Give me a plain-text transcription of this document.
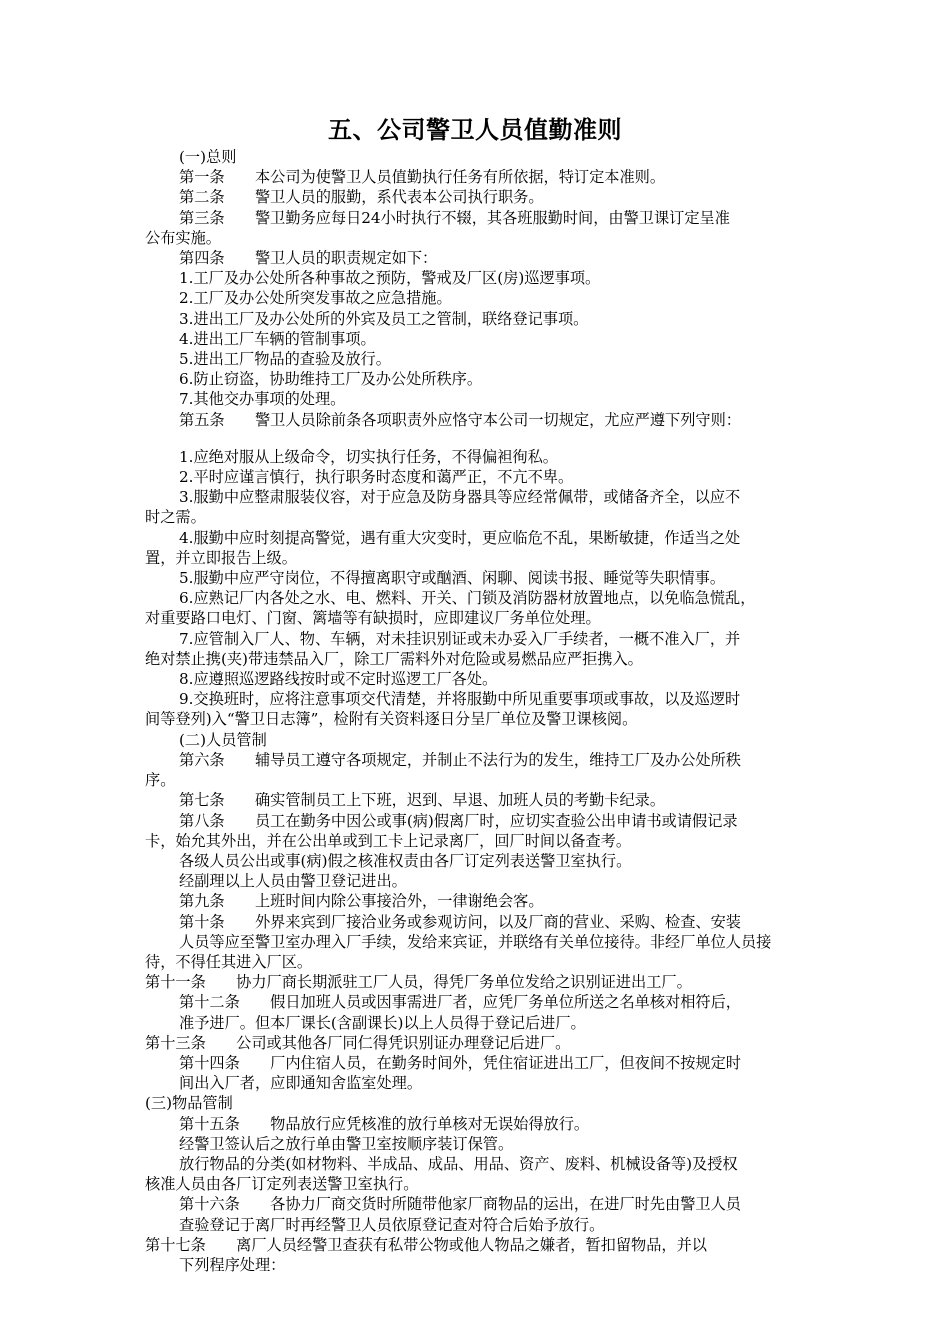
五、公司警卫人员值勤准则

(一)总则

第一条　　本公司为使警卫人员值勤执行任务有所依据，特订定本准则。

第二条　　警卫人员的服勤，系代表本公司执行职务。

第三条　　警卫勤务应每日24小时执行不辍，其各班服勤时间，由警卫课订定呈准

公布实施。

第四条　　警卫人员的职责规定如下：

1.工厂及办公处所各种事故之预防，警戒及厂区(房)巡逻事项。

2.工厂及办公处所突发事故之应急措施。

3.进出工厂及办公处所的外宾及员工之管制，联络登记事项。

4.进出工厂车辆的管制事项。

5.进出工厂物品的查验及放行。

6.防止窃盗，协助维持工厂及办公处所秩序。

7.其他交办事项的处理。

第五条　　警卫人员除前条各项职责外应恪守本公司一切规定，尤应严遵下列守则：

1.应绝对服从上级命令，切实执行任务，不得偏袒徇私。

2.平时应谨言慎行，执行职务时态度和蔼严正，不亢不卑。

3.服勤中应整肃服装仪容，对于应急及防身器具等应经常佩带，或储备齐全，以应不

时之需。

4.服勤中应时刻提高警觉，遇有重大灾变时，更应临危不乱，果断敏捷，作适当之处

置，并立即报告上级。

5.服勤中应严守岗位，不得擅离职守或酗酒、闲聊、阅读书报、睡觉等失职情事。

6.应熟记厂内各处之水、电、燃料、开关、门锁及消防器材放置地点，以免临急慌乱，

对重要路口电灯、门窗、篱墙等有缺损时，应即建议厂务单位处理。

7.应管制入厂人、物、车辆，对未挂识别证或未办妥入厂手续者，一概不准入厂，并

绝对禁止携(夹)带违禁品入厂，除工厂需料外对危险或易燃品应严拒携入。

8.应遵照巡逻路线按时或不定时巡逻工厂各处。

9.交换班时，应将注意事项交代清楚，并将服勤中所见重要事项或事故，以及巡逻时

间等登列)入“警卫日志簿”，检附有关资料逐日分呈厂单位及警卫课核阅。

(二)人员管制

第六条　　辅导员工遵守各项规定，并制止不法行为的发生，维持工厂及办公处所秩

序。

第七条　　确实管制员工上下班，迟到、早退、加班人员的考勤卡纪录。

第八条　　员工在勤务中因公或事(病)假离厂时，应切实查验公出申请书或请假记录

卡，始允其外出，并在公出单或到工卡上记录离厂，回厂时间以备查考。

各级人员公出或事(病)假之核准权责由各厂订定列表送警卫室执行。

经副理以上人员由警卫登记进出。

第九条　　上班时间内除公事接洽外，一律谢绝会客。

第十条　　外界来宾到厂接洽业务或参观访问，以及厂商的营业、采购、检查、安装

人员等应至警卫室办理入厂手续，发给来宾证，并联络有关单位接待。非经厂单位人员接

待，不得任其进入厂区。

第十一条　　协力厂商长期派驻工厂人员，得凭厂务单位发给之识别证进出工厂。

第十二条　　假日加班人员或因事需进厂者，应凭厂务单位所送之名单核对相符后，

准予进厂。但本厂课长(含副课长)以上人员得于登记后进厂。

第十三条　　公司或其他各厂同仁得凭识别证办理登记后进厂。

第十四条　　厂内住宿人员，在勤务时间外，凭住宿证进出工厂，但夜间不按规定时

间出入厂者，应即通知舍监室处理。

(三)物品管制

第十五条　　物品放行应凭核准的放行单核对无误始得放行。

经警卫签认后之放行单由警卫室按顺序装订保管。

放行物品的分类(如材物料、半成品、成品、用品、资产、废料、机械设备等)及授权

核准人员由各厂订定列表送警卫室执行。

第十六条　　各协力厂商交货时所随带他家厂商物品的运出，在进厂时先由警卫人员

查验登记于离厂时再经警卫人员依原登记查对符合后始予放行。

第十七条　　离厂人员经警卫查获有私带公物或他人物品之嫌者，暂扣留物品，并以

下列程序处理：
